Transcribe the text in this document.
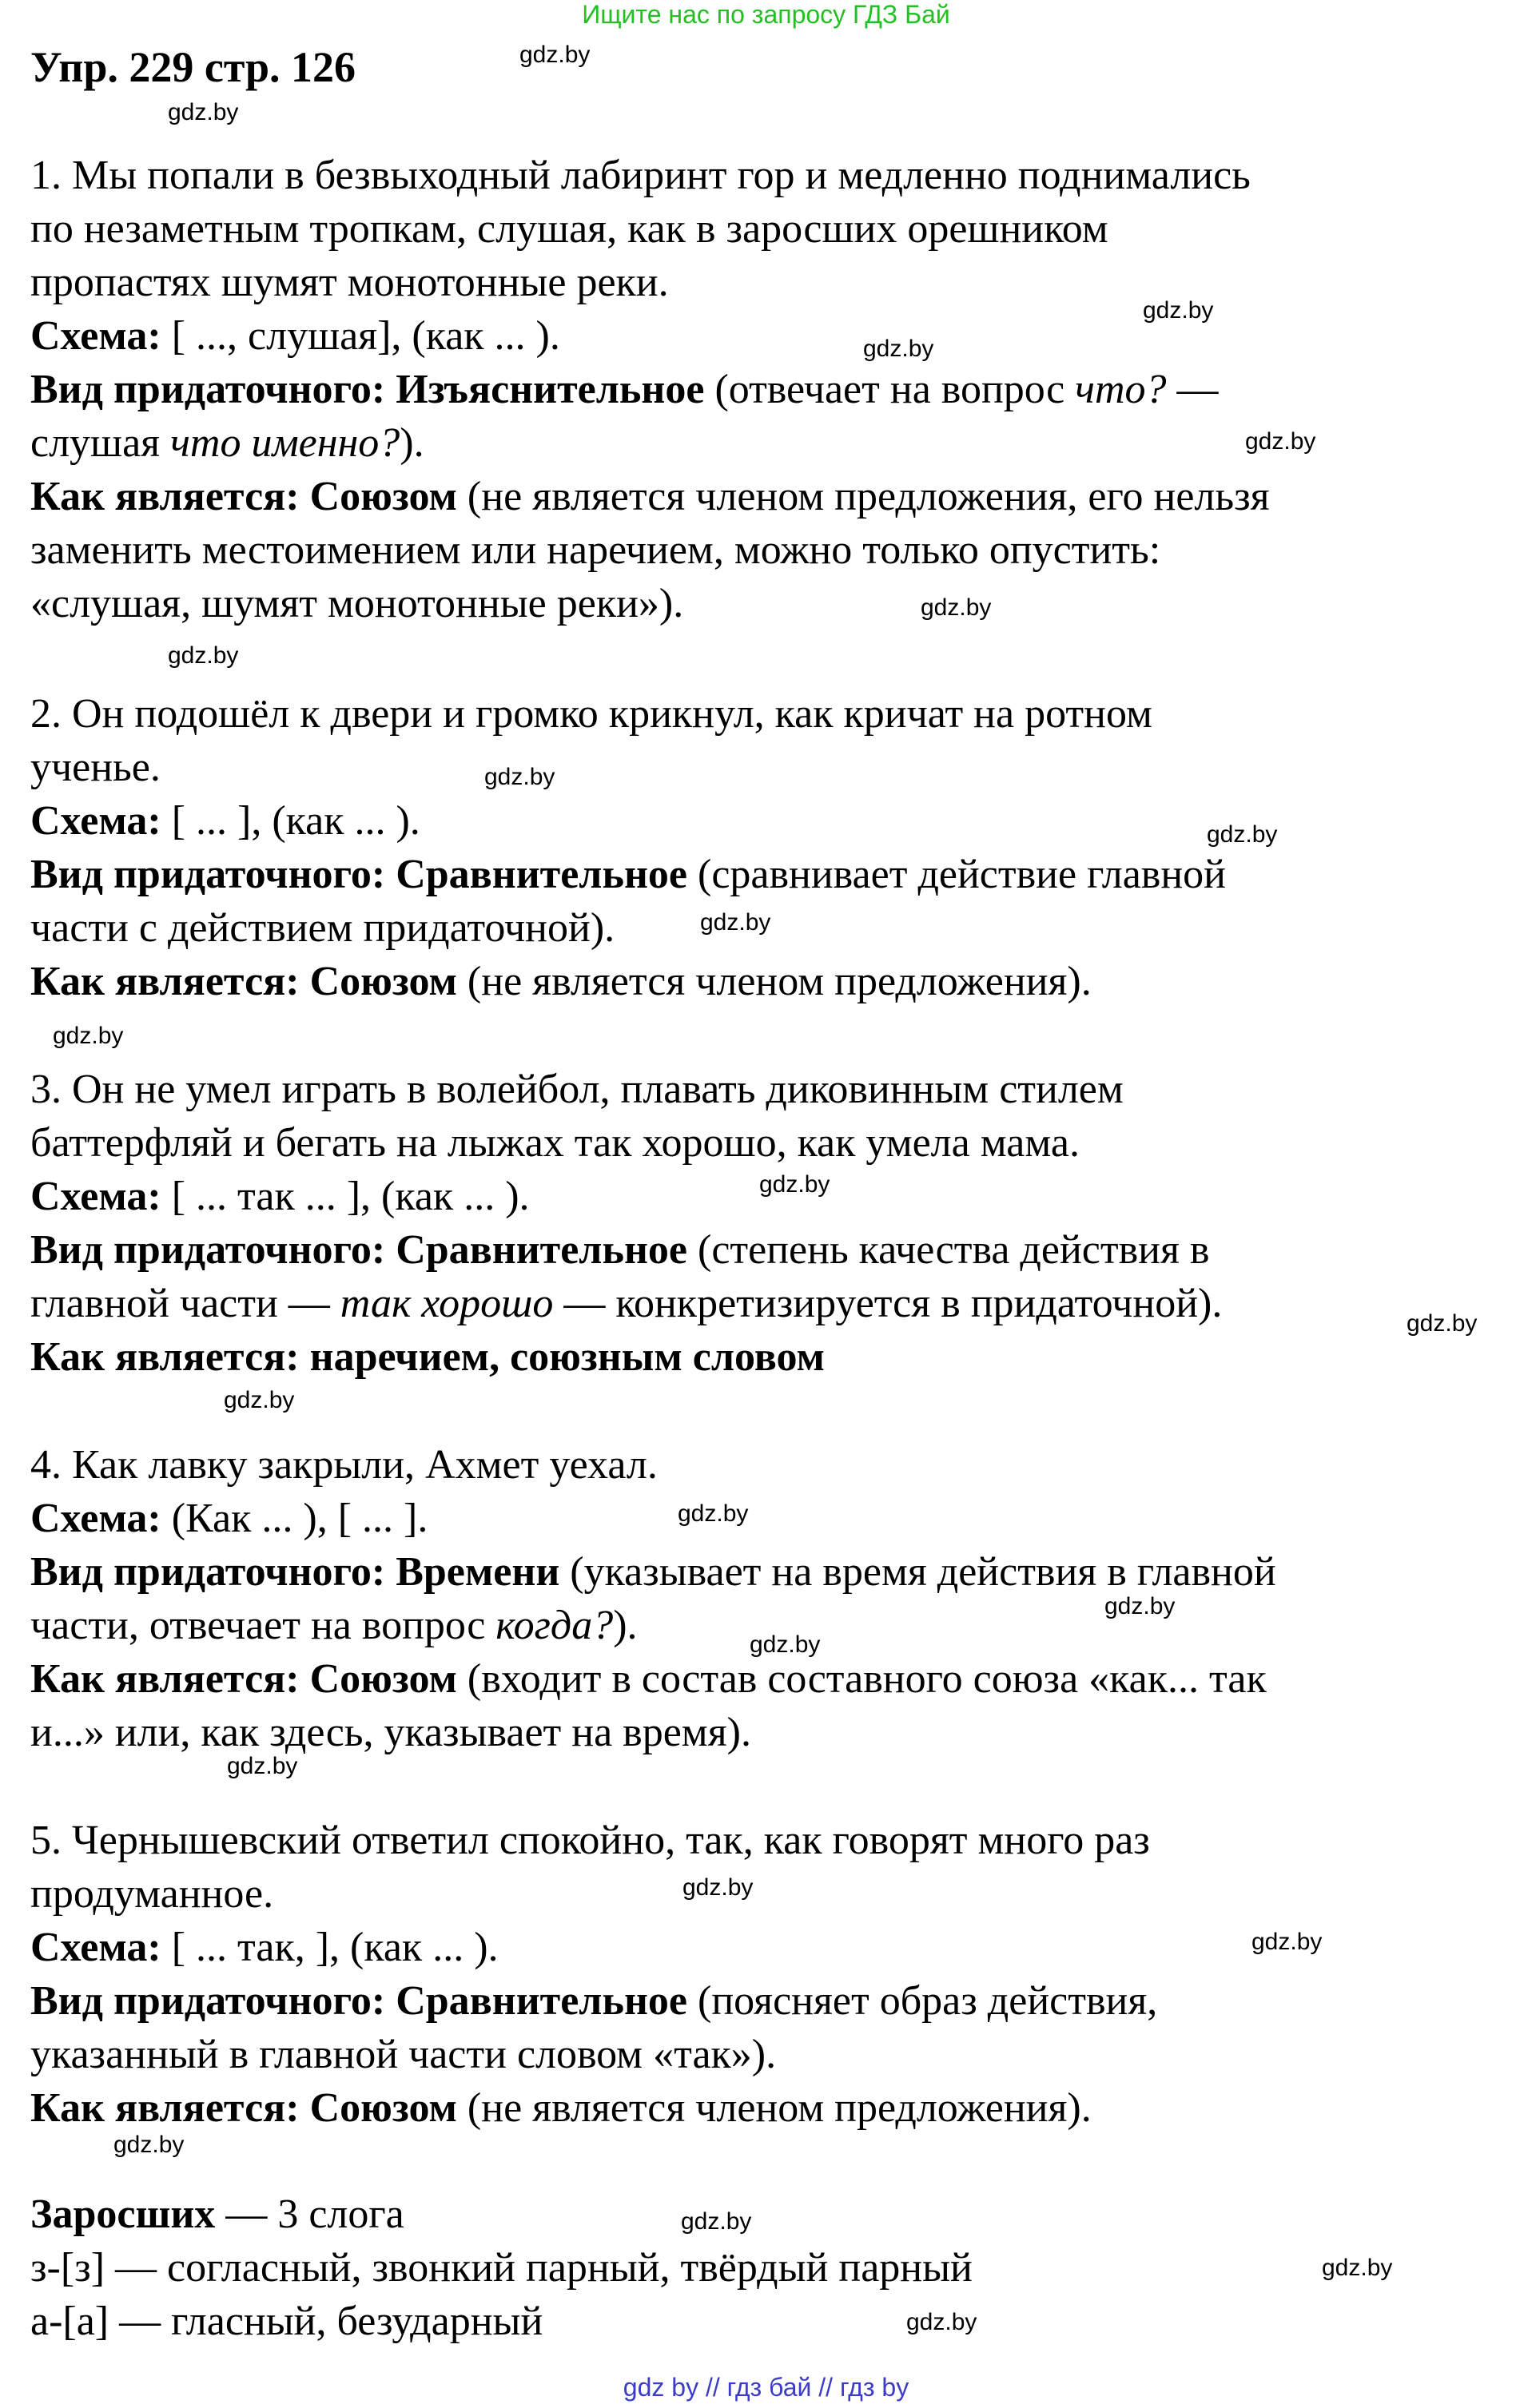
Ищите нас по запросу ГДЗ Бай
Упр. 229 стр. 126
1. Мы попали в безвыходный лабиринт гор и медленно поднимались
по незаметным тропкам, слушая, как в заросших орешником
пропастях шумят монотонные реки.
Схема: [ ..., слушая], (как ... ).
Вид придаточного: Изъяснительное (отвечает на вопрос что? —
слушая что именно?).
Как является: Союзом (не является членом предложения, его нельзя
заменить местоимением или наречием, можно только опустить:
«слушая, шумят монотонные реки»).
2. Он подошёл к двери и громко крикнул, как кричат на ротном
ученье.
Схема: [ ... ], (как ... ).
Вид придаточного: Сравнительное (сравнивает действие главной
части с действием придаточной).
Как является: Союзом (не является членом предложения).
3. Он не умел играть в волейбол, плавать диковинным стилем
баттерфляй и бегать на лыжах так хорошо, как умела мама.
Схема: [ ... так ... ], (как ... ).
Вид придаточного: Сравнительное (степень качества действия в
главной части — так хорошо — конкретизируется в придаточной).
Как является: наречием, союзным словом
4. Как лавку закрыли, Ахмет уехал.
Схема: (Как ... ), [ ... ].
Вид придаточного: Времени (указывает на время действия в главной
части, отвечает на вопрос когда?).
Как является: Союзом (входит в состав составного союза «как... так
и...» или, как здесь, указывает на время).
5. Чернышевский ответил спокойно, так, как говорят много раз
продуманное.
Схема: [ ... так, ], (как ... ).
Вид придаточного: Сравнительное (поясняет образ действия,
указанный в главной части словом «так»).
Как является: Союзом (не является членом предложения).
Заросших — 3 слога
з-[з] — согласный, звонкий парный, твёрдый парный
а-[а] — гласный, безударный
gdz.by
gdz.by
gdz.by
gdz.by
gdz.by
gdz.by
gdz.by
gdz.by
gdz.by
gdz.by
gdz.by
gdz.by
gdz.by
gdz.by
gdz.by
gdz.by
gdz.by
gdz.by
gdz.by
gdz.by
gdz.by
gdz.by
gdz.by
gdz.by
gdz by // гдз бай // гдз by
